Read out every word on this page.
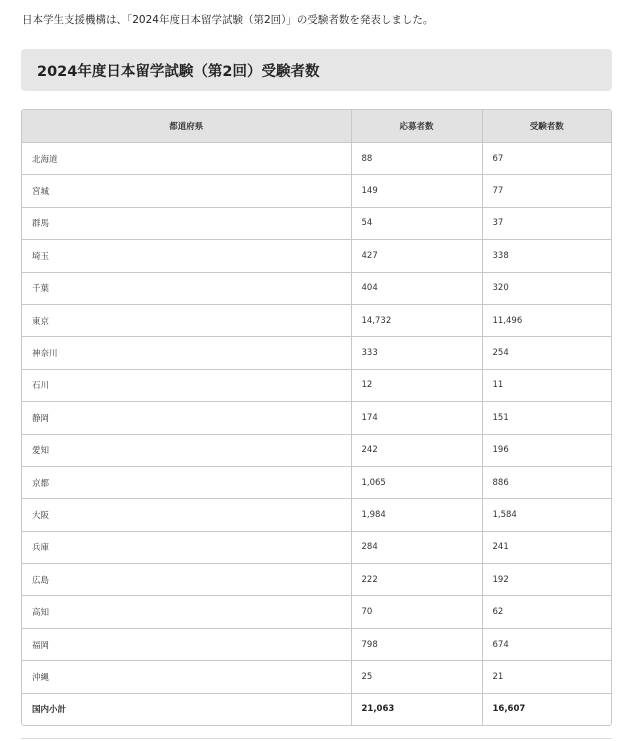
日本学生支援機構は、「2024年度日本留学試験（第2回）」の受験者数を発表しました。
2024年度日本留学試験（第2回）受験者数
都道府県	応募者数	受験者数
北海道	88	67
宮城	149	77
群馬	54	37
埼玉	427	338
千葉	404	320
東京	14,732	11,496
神奈川	333	254
石川	12	11
静岡	174	151
愛知	242	196
京都	1,065	886
大阪	1,984	1,584
兵庫	284	241
広島	222	192
高知	70	62
福岡	798	674
沖縄	25	21
国内小計	21,063	16,607
